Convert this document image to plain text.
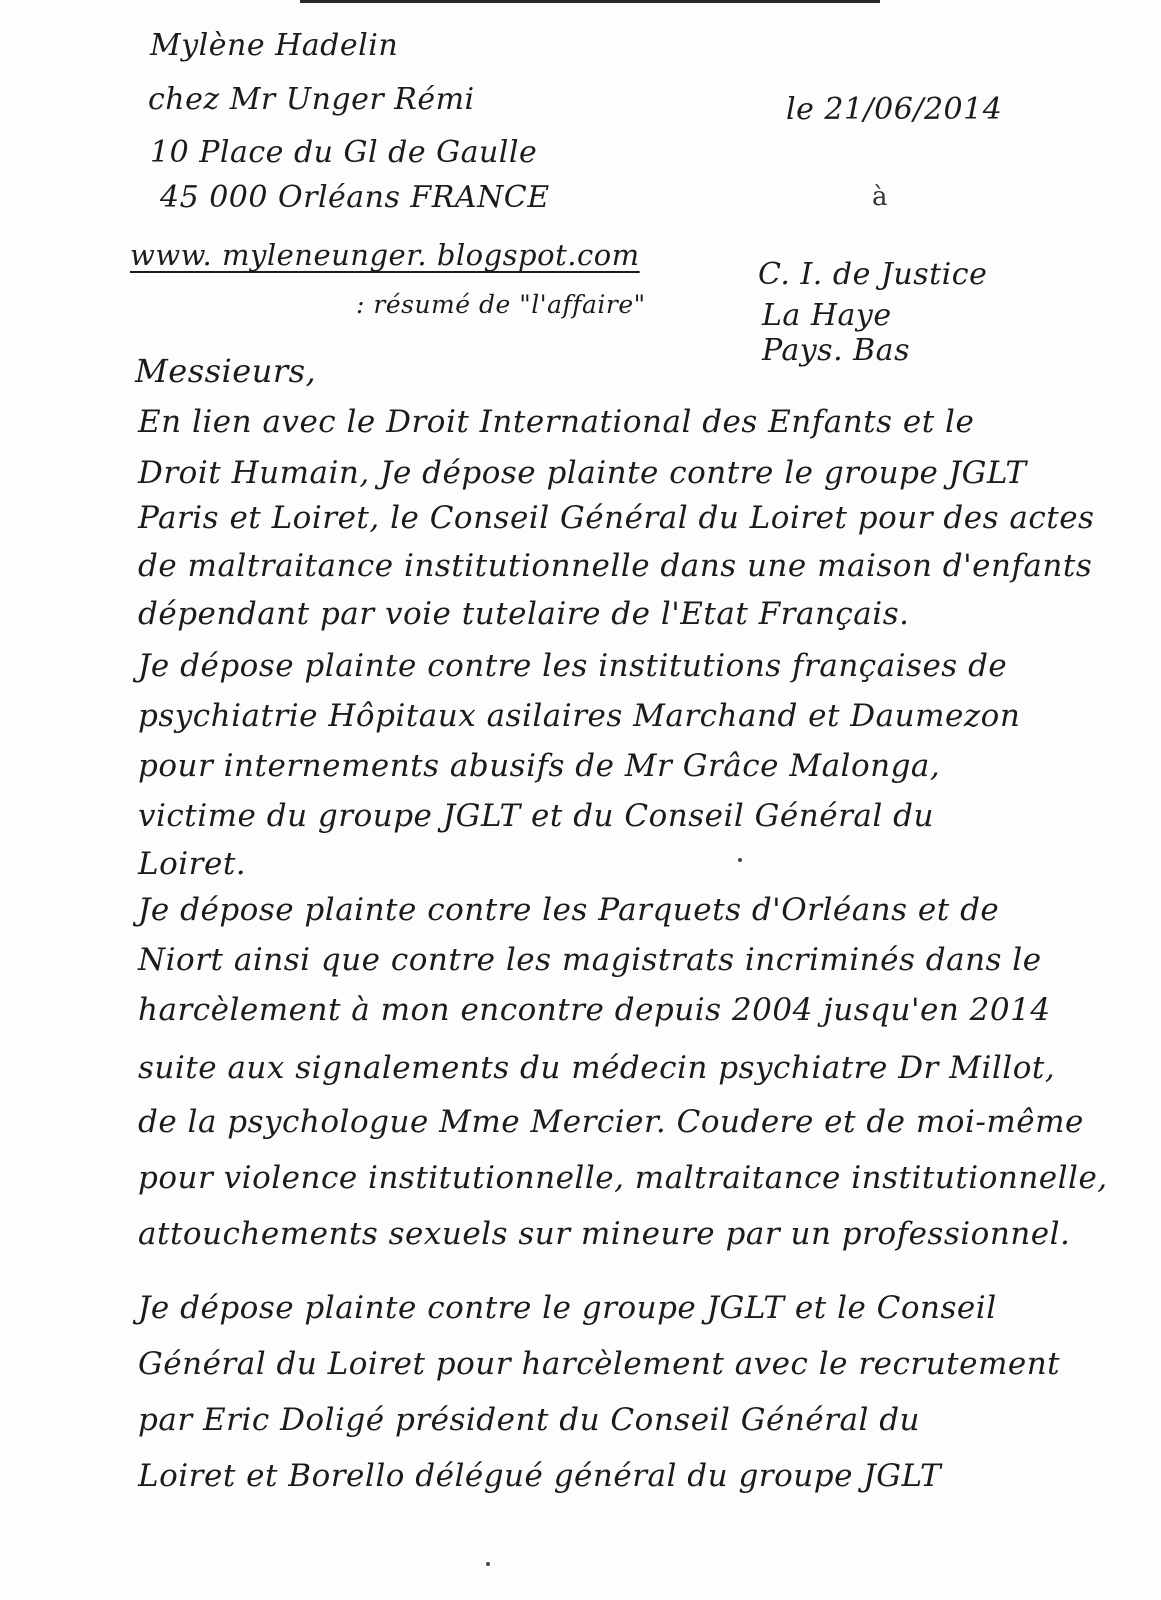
Mylène Hadelin
chez Mr Unger Rémi
10 Place du Gl de Gaulle
45 000 Orléans FRANCE
le 21/06/2014
à
www. myleneunger. blogspot.com
: résumé de "l'affaire"
C. I. de Justice
La Haye
Pays. Bas
Messieurs,
En lien avec le Droit International des Enfants et le
Droit Humain, Je dépose plainte contre le groupe JGLT
Paris et Loiret, le Conseil Général du Loiret pour des actes
de maltraitance institutionnelle dans une maison d'enfants
dépendant par voie tutelaire de l'Etat Français.
Je dépose plainte contre les institutions françaises de
psychiatrie Hôpitaux asilaires Marchand et Daumezon
pour internements abusifs de Mr Grâce Malonga,
victime du groupe JGLT et du Conseil Général du
Loiret.
Je dépose plainte contre les Parquets d'Orléans et de
Niort ainsi que contre les magistrats incriminés dans le
harcèlement à mon encontre depuis 2004 jusqu'en 2014
suite aux signalements du médecin psychiatre Dr Millot,
de la psychologue Mme Mercier. Coudere et de moi-même
pour violence institutionnelle, maltraitance institutionnelle,
attouchements sexuels sur mineure par un professionnel.
Je dépose plainte contre le groupe JGLT et le Conseil
Général du Loiret pour harcèlement avec le recrutement
par Eric Doligé président du Conseil Général du
Loiret et Borello délégué général du groupe JGLT
